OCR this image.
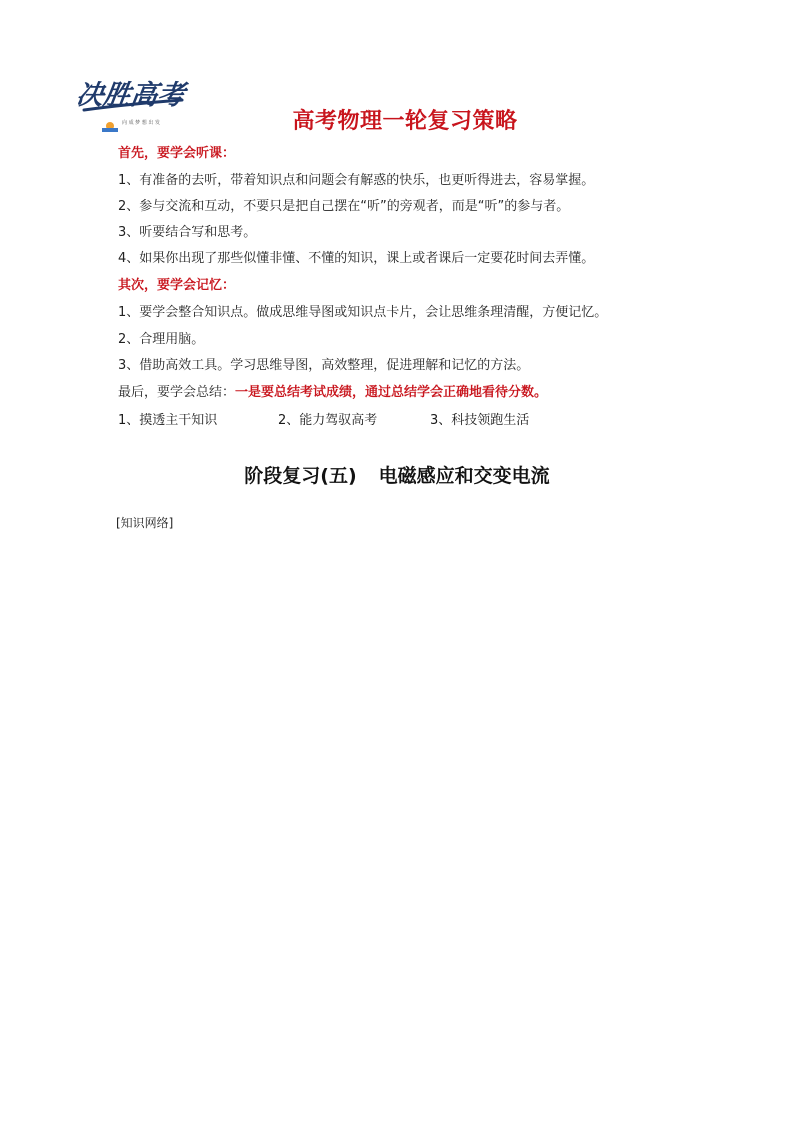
决胜高考
向 成 梦 想 出 发	高考物理一轮复习策略
首先，要学会听课：
1、有准备的去听，带着知识点和问题会有解惑的快乐，也更听得进去，容易掌握。
2、参与交流和互动，不要只是把自己摆在“听”的旁观者，而是“听”的参与者。
3、听要结合写和思考。
4、如果你出现了那些似懂非懂、不懂的知识，课上或者课后一定要花时间去弄懂。
其次，要学会记忆：
1、要学会整合知识点。做成思维导图或知识点卡片，会让思维条理清醒，方便记忆。
2、合理用脑。
3、借助高效工具。学习思维导图，高效整理，促进理解和记忆的方法。
最后，要学会总结：一是要总结考试成绩，通过总结学会正确地看待分数。
1、摸透主干知识	2、能力驾驭高考	3、科技领跑生活
阶段复习(五) 电磁感应和交变电流
[知识网络]
